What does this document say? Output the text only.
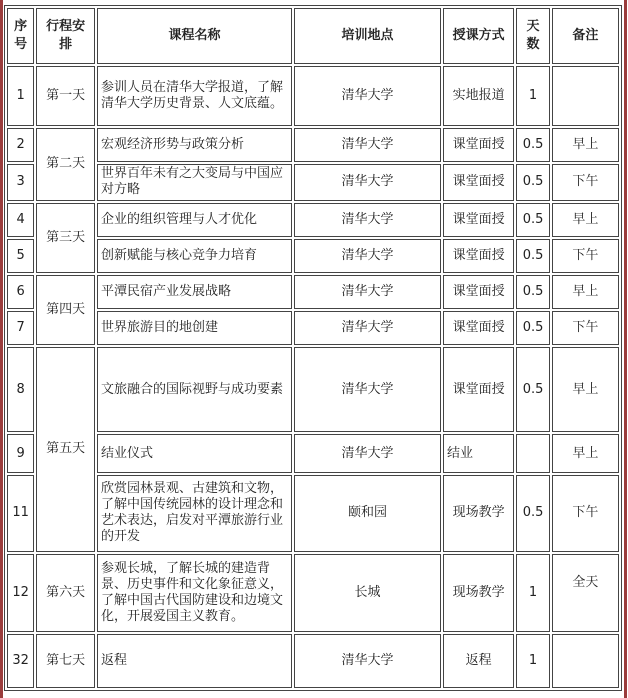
序号	行程安排	课程名称	培训地点	授课方式	天数	备注
1	第一天	参训人员在清华大学报道，了解清华大学历史背景、人文底蕴。	清华大学	实地报道	1	
2	第二天	宏观经济形势与政策分析	清华大学	课堂面授	0.5	早上
3		世界百年未有之大变局与中国应对方略	清华大学	课堂面授	0.5	下午
4	第三天	企业的组织管理与人才优化	清华大学	课堂面授	0.5	早上
5		创新赋能与核心竞争力培育	清华大学	课堂面授	0.5	下午
6	第四天	平潭民宿产业发展战略	清华大学	课堂面授	0.5	早上
7		世界旅游目的地创建	清华大学	课堂面授	0.5	下午
8	第五天	文旅融合的国际视野与成功要素	清华大学	课堂面授	0.5	早上
9		结业仪式	清华大学	结业		早上
11		欣赏园林景观、古建筑和文物，了解中国传统园林的设计理念和艺术表达，启发对平潭旅游行业的开发	颐和园	现场教学	0.5	下午
12	第六天	参观长城，了解长城的建造背景、历史事件和文化象征意义，了解中国古代国防建设和边境文化，开展爱国主义教育。	长城	现场教学	1	全天
32	第七天	返程	清华大学	返程	1	
